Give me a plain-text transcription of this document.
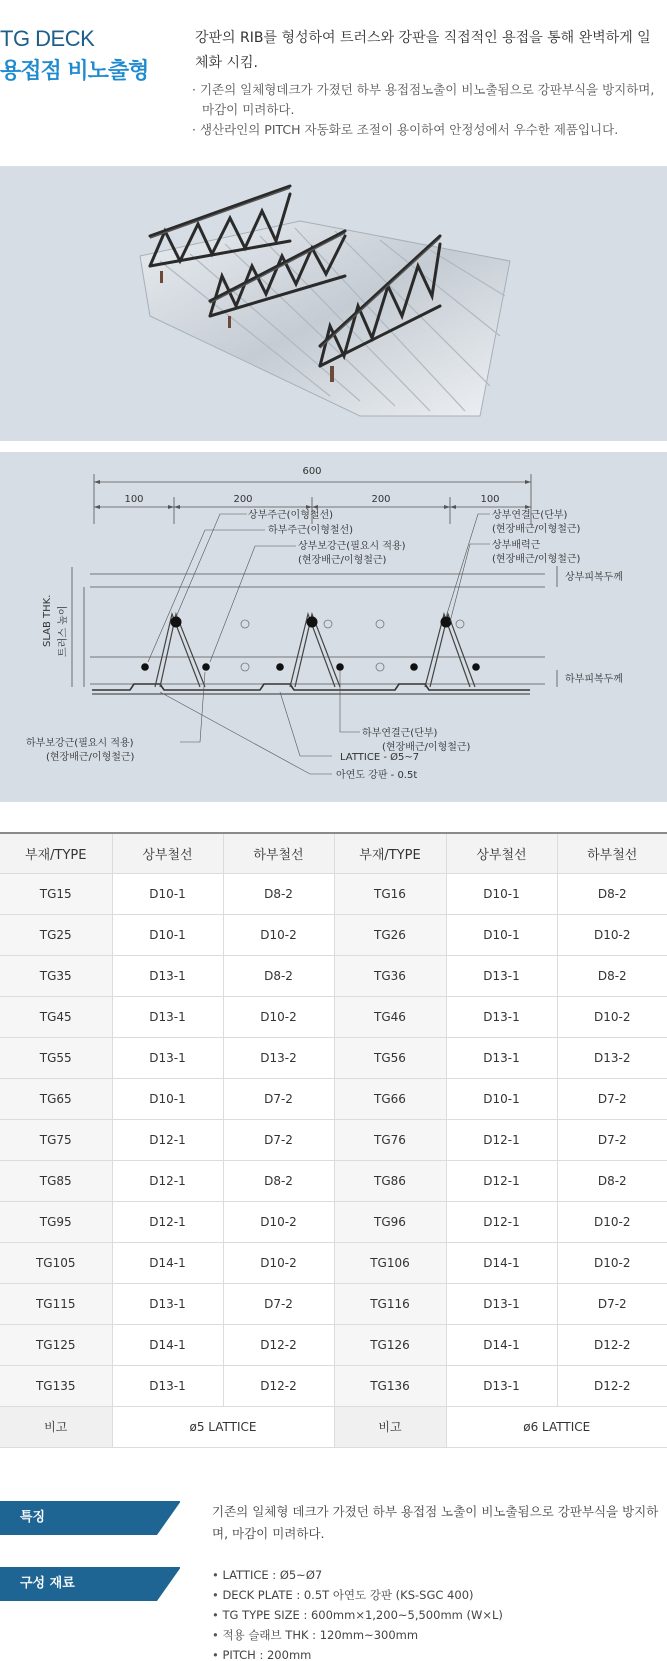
TG DECK
용접점 비노출형
강판의 RIB를 형성하여 트러스와 강판을 직접적인 용접을 통해 완벽하게 일체화 시킴.
· 기존의 일체형데크가 가졌던 하부 용접점노출이 비노출됨으로 강판부식을 방지하며, 마감이 미려하다.
· 생산라인의 PITCH 자동화로 조절이 용이하여 안정성에서 우수한 제품입니다.
600
100	200	200	100
상부주근(이형철선)
하부주근(이형철선)
상부보강근(필요시 적용)
(현장배근/이형철근)
상부연결근(단부)
(현장배근/이형철근)
상부배력근
(현장배근/이형철근)
상부피복두께
하부피복두께
SLAB THK. 트러스 높이
하부연결근(단부)
(현장배근/이형철근)
LATTICE - Ø5~7
아연도 강판 - 0.5t
하부보강근(필요시 적용)
(현장배근/이형철근)
부재/TYPE	상부철선	하부철선	부재/TYPE	상부철선	하부철선
TG15	D10-1	D8-2	TG16	D10-1	D8-2
TG25	D10-1	D10-2	TG26	D10-1	D10-2
TG35	D13-1	D8-2	TG36	D13-1	D8-2
TG45	D13-1	D10-2	TG46	D13-1	D10-2
TG55	D13-1	D13-2	TG56	D13-1	D13-2
TG65	D10-1	D7-2	TG66	D10-1	D7-2
TG75	D12-1	D7-2	TG76	D12-1	D7-2
TG85	D12-1	D8-2	TG86	D12-1	D8-2
TG95	D12-1	D10-2	TG96	D12-1	D10-2
TG105	D14-1	D10-2	TG106	D14-1	D10-2
TG115	D13-1	D7-2	TG116	D13-1	D7-2
TG125	D14-1	D12-2	TG126	D14-1	D12-2
TG135	D13-1	D12-2	TG136	D13-1	D12-2
비고	ø5 LATTICE		비고	ø6 LATTICE	
특징	기존의 일체형 데크가 가졌던 하부 용접점 노출이 비노출됨으로 강판부식을 방지하며, 마감이 미려하다.
구성 재료
• LATTICE : Ø5~Ø7
• DECK PLATE : 0.5T 아연도 강판 (KS-SGC 400)
• TG TYPE SIZE : 600mm×1,200~5,500mm (W×L)
• 적용 슬래브 THK : 120mm~300mm
• PITCH : 200mm
